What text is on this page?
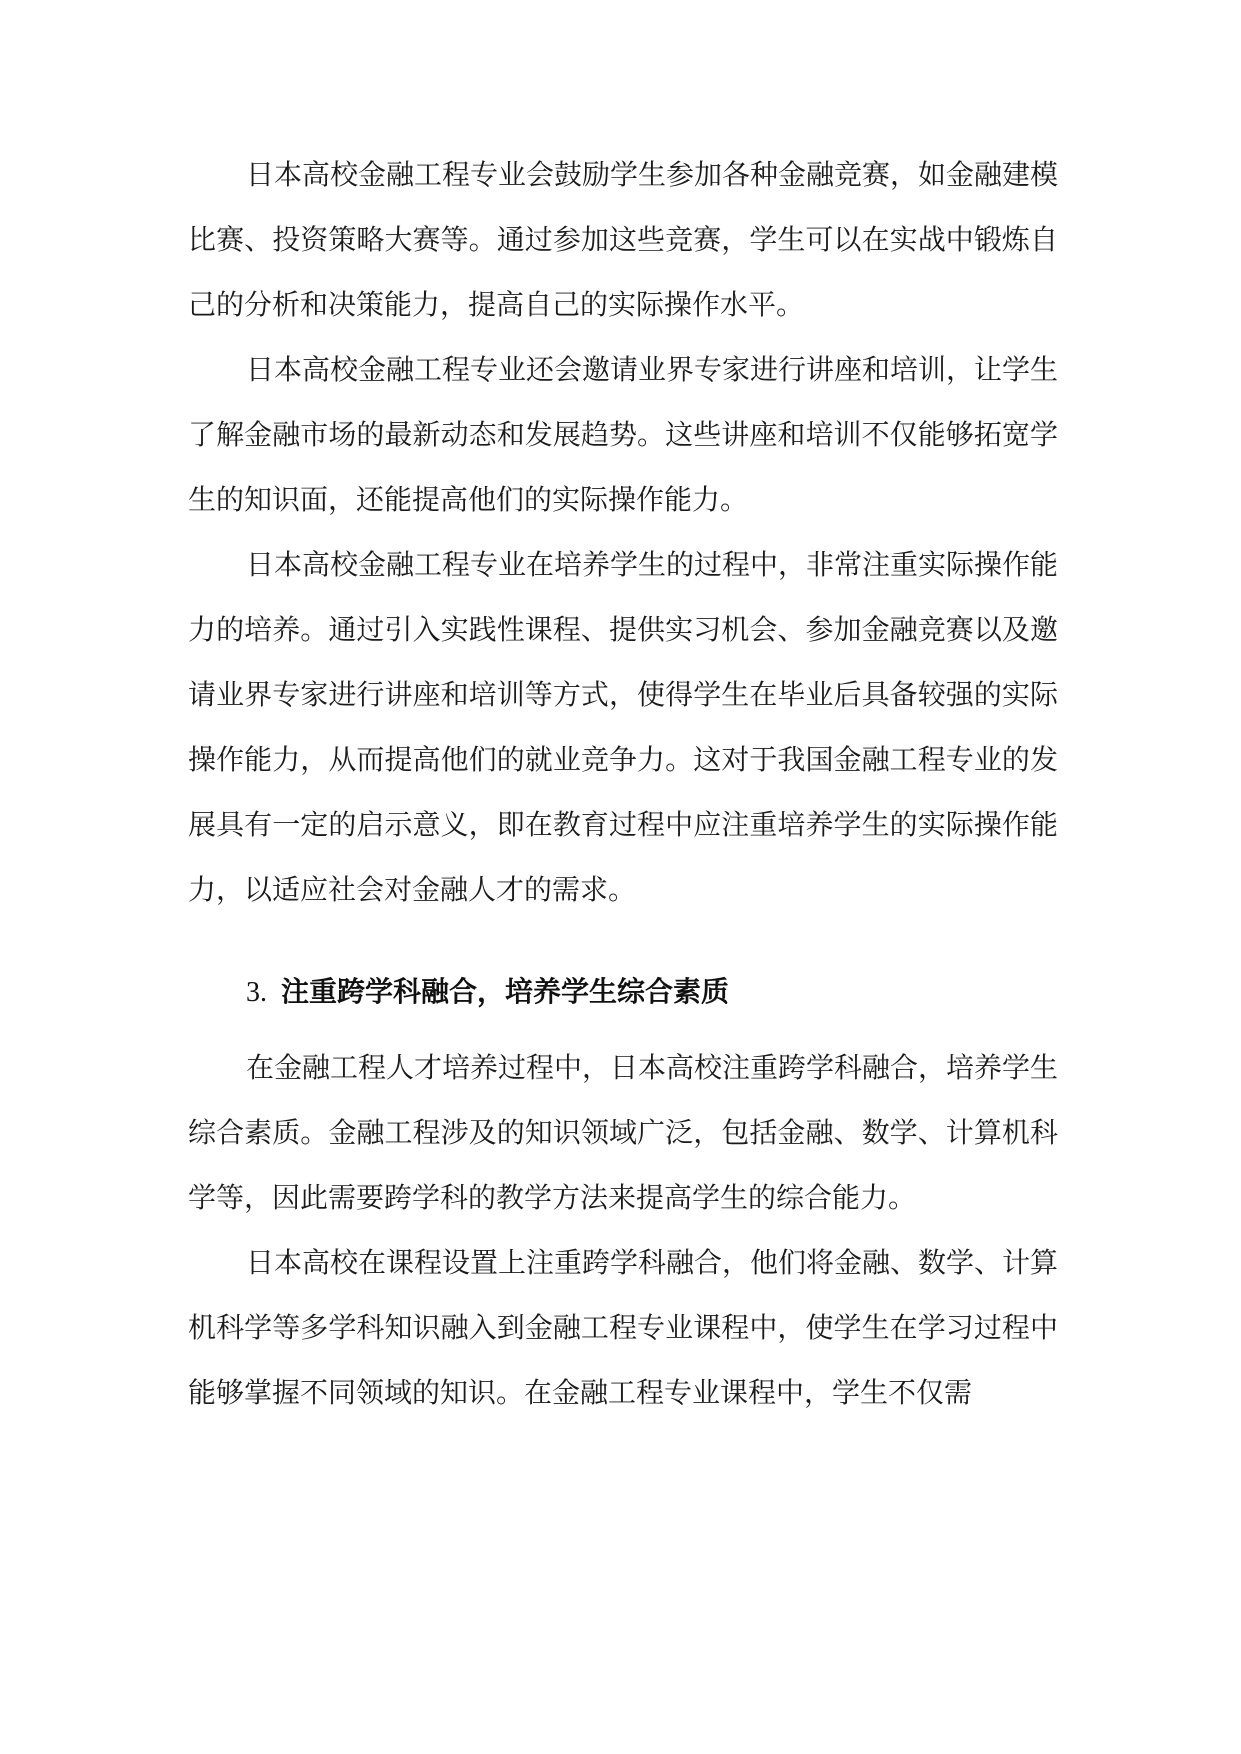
日本高校金融工程专业会鼓励学生参加各种金融竞赛，如金融建模比赛、投资策略大赛等。通过参加这些竞赛，学生可以在实战中锻炼自己的分析和决策能力，提高自己的实际操作水平。

日本高校金融工程专业还会邀请业界专家进行讲座和培训，让学生了解金融市场的最新动态和发展趋势。这些讲座和培训不仅能够拓宽学生的知识面，还能提高他们的实际操作能力。

日本高校金融工程专业在培养学生的过程中，非常注重实际操作能力的培养。通过引入实践性课程、提供实习机会、参加金融竞赛以及邀请业界专家进行讲座和培训等方式，使得学生在毕业后具备较强的实际操作能力，从而提高他们的就业竞争力。这对于我国金融工程专业的发展具有一定的启示意义，即在教育过程中应注重培养学生的实际操作能力，以适应社会对金融人才的需求。

3. 注重跨学科融合，培养学生综合素质

在金融工程人才培养过程中，日本高校注重跨学科融合，培养学生综合素质。金融工程涉及的知识领域广泛，包括金融、数学、计算机科学等，因此需要跨学科的教学方法来提高学生的综合能力。

日本高校在课程设置上注重跨学科融合，他们将金融、数学、计算机科学等多学科知识融入到金融工程专业课程中，使学生在学习过程中能够掌握不同领域的知识。在金融工程专业课程中，学生不仅需
